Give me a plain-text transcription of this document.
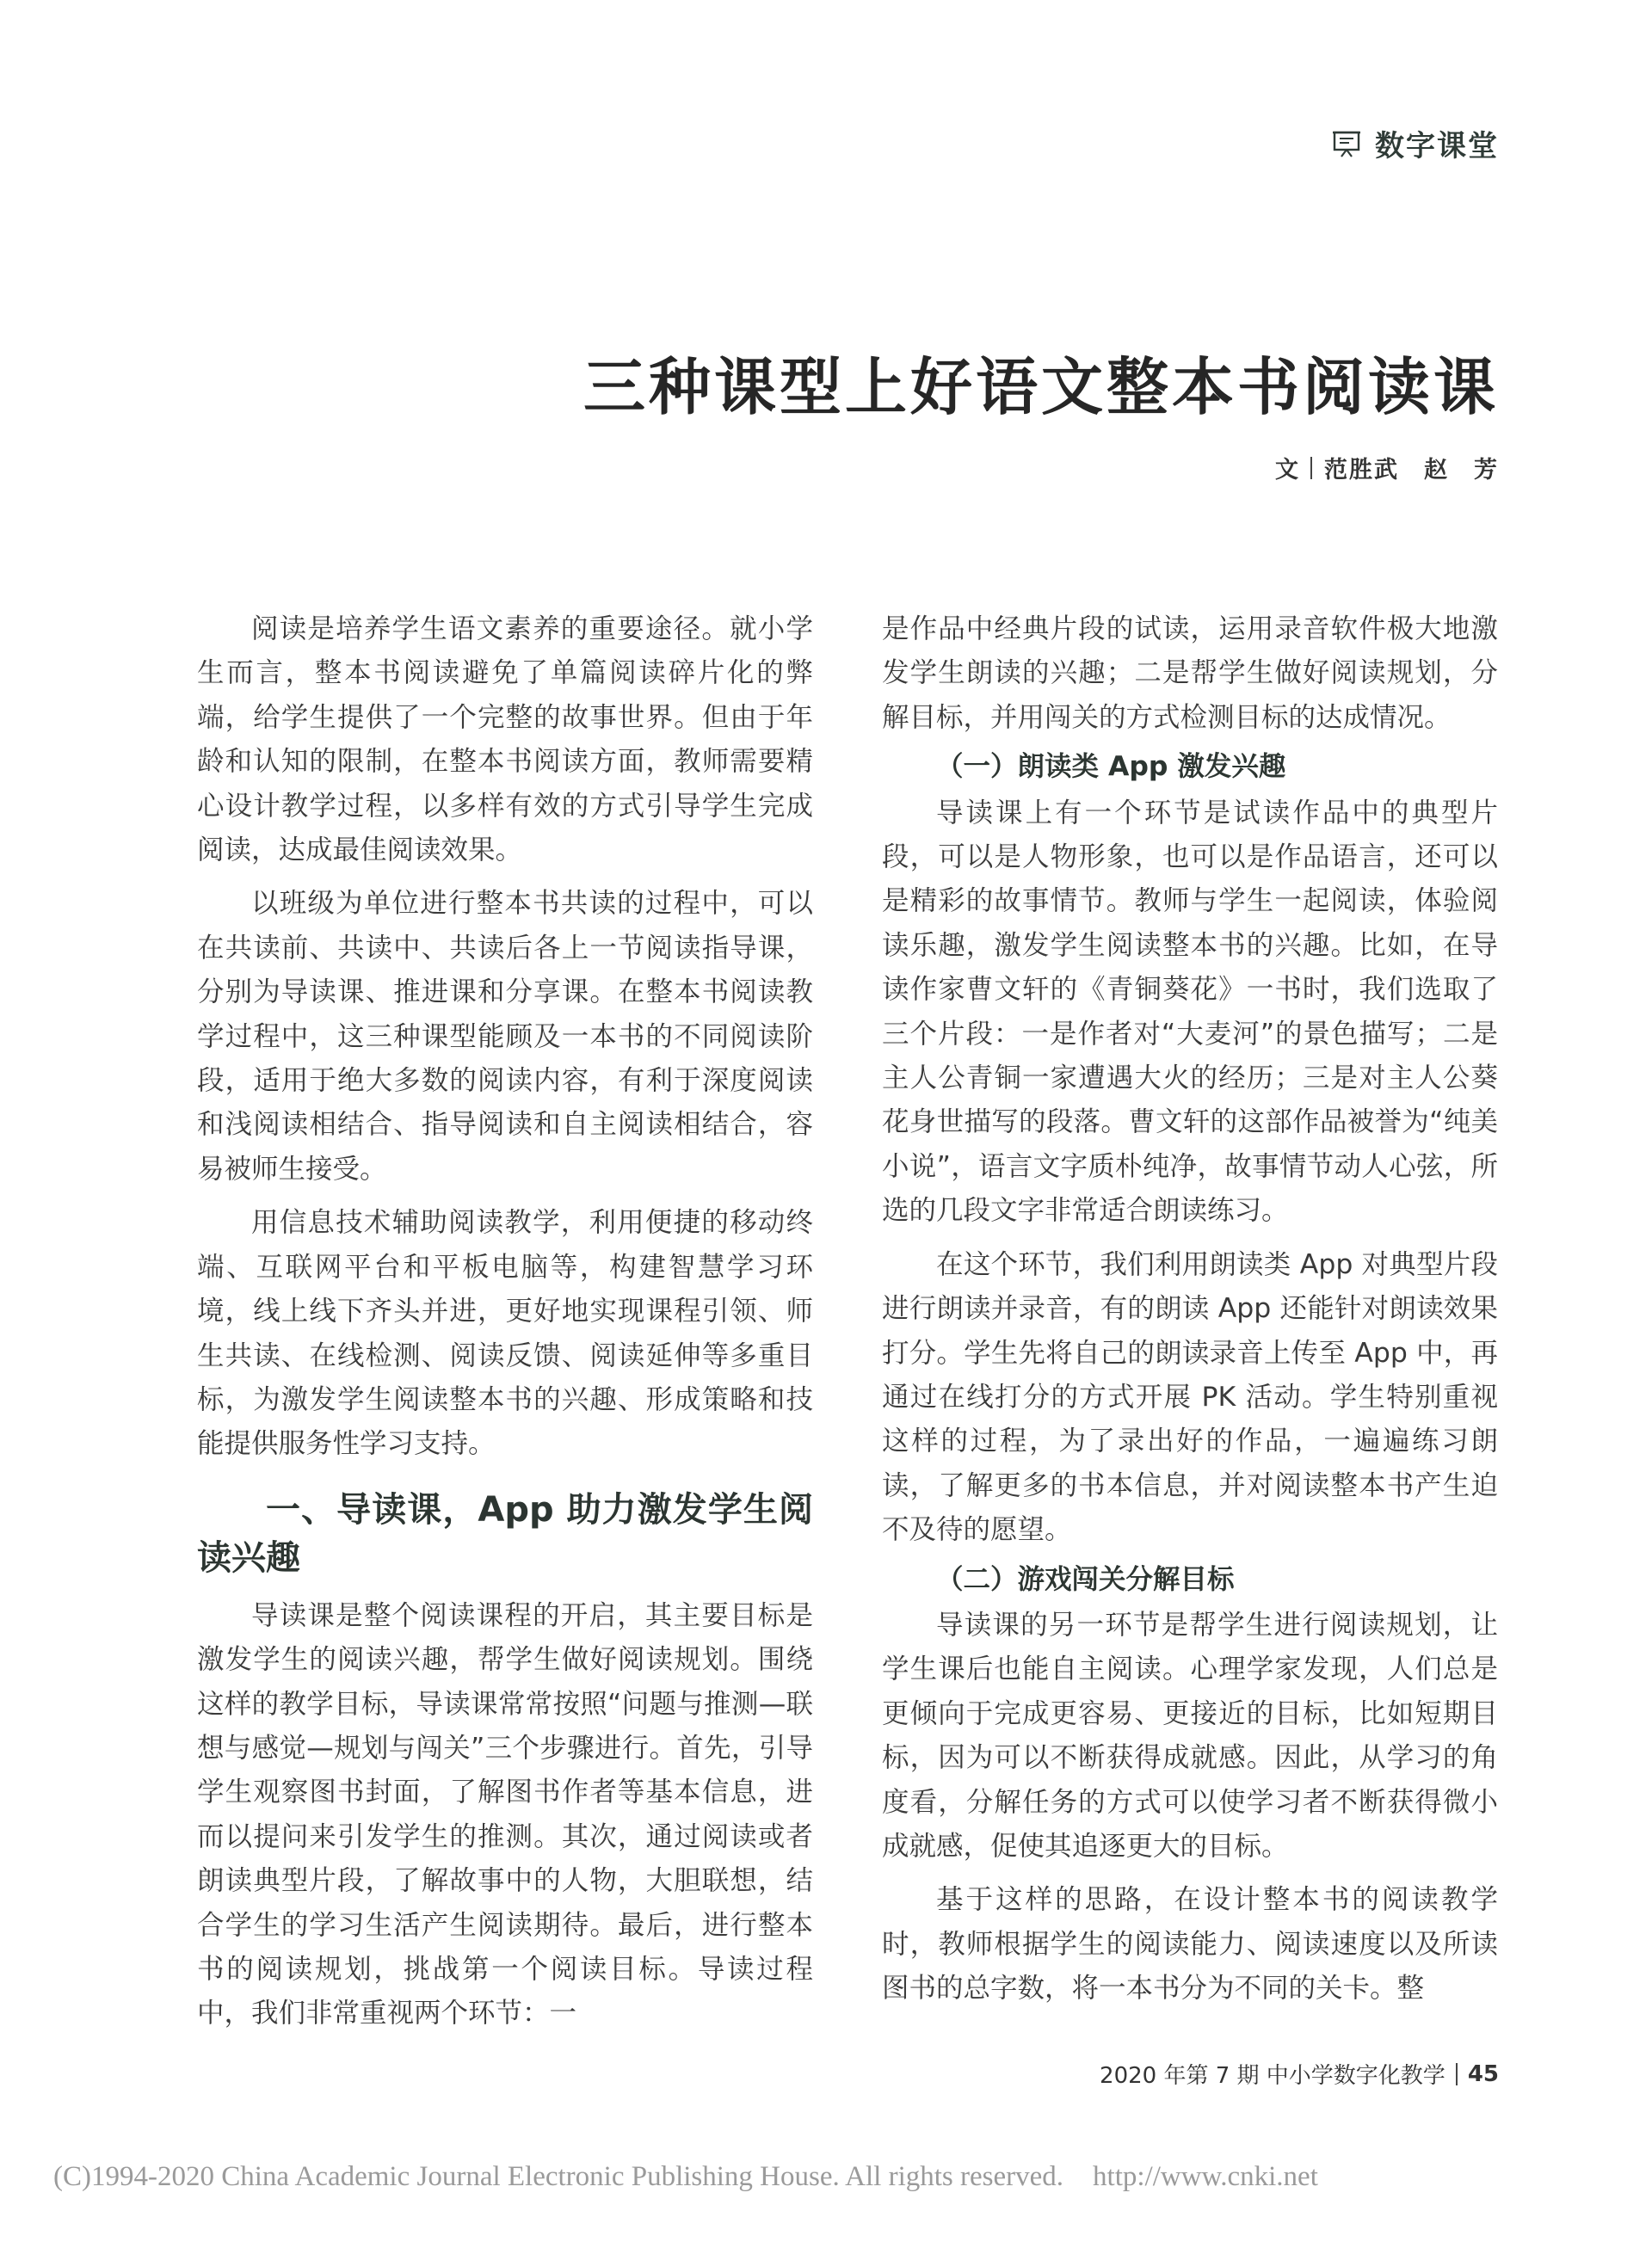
数字课堂
三种课型上好语文整本书阅读课
文 范胜武　赵　芳

阅读是培养学生语文素养的重要途径。就小学生而言，整本书阅读避免了单篇阅读碎片化的弊端，给学生提供了一个完整的故事世界。但由于年龄和认知的限制，在整本书阅读方面，教师需要精心设计教学过程，以多样有效的方式引导学生完成阅读，达成最佳阅读效果。

以班级为单位进行整本书共读的过程中，可以在共读前、共读中、共读后各上一节阅读指导课，分别为导读课、推进课和分享课。在整本书阅读教学过程中，这三种课型能顾及一本书的不同阅读阶段，适用于绝大多数的阅读内容，有利于深度阅读和浅阅读相结合、指导阅读和自主阅读相结合，容易被师生接受。

用信息技术辅助阅读教学，利用便捷的移动终端、互联网平台和平板电脑等，构建智慧学习环境，线上线下齐头并进，更好地实现课程引领、师生共读、在线检测、阅读反馈、阅读延伸等多重目标，为激发学生阅读整本书的兴趣、形成策略和技能提供服务性学习支持。

一、导读课，App 助力激发学生阅读兴趣

导读课是整个阅读课程的开启，其主要目标是激发学生的阅读兴趣，帮学生做好阅读规划。围绕这样的教学目标，导读课常常按照“问题与推测—联想与感觉—规划与闯关”三个步骤进行。首先，引导学生观察图书封面，了解图书作者等基本信息，进而以提问来引发学生的推测。其次，通过阅读或者朗读典型片段，了解故事中的人物，大胆联想，结合学生的学习生活产生阅读期待。最后，进行整本书的阅读规划，挑战第一个阅读目标。导读过程中，我们非常重视两个环节：一

是作品中经典片段的试读，运用录音软件极大地激发学生朗读的兴趣；二是帮学生做好阅读规划，分解目标，并用闯关的方式检测目标的达成情况。

（一）朗读类 App 激发兴趣

导读课上有一个环节是试读作品中的典型片段，可以是人物形象，也可以是作品语言，还可以是精彩的故事情节。教师与学生一起阅读，体验阅读乐趣，激发学生阅读整本书的兴趣。比如，在导读作家曹文轩的《青铜葵花》一书时，我们选取了三个片段：一是作者对“大麦河”的景色描写；二是主人公青铜一家遭遇大火的经历；三是对主人公葵花身世描写的段落。曹文轩的这部作品被誉为“纯美小说”，语言文字质朴纯净，故事情节动人心弦，所选的几段文字非常适合朗读练习。

在这个环节，我们利用朗读类 App 对典型片段进行朗读并录音，有的朗读 App 还能针对朗读效果打分。学生先将自己的朗读录音上传至 App 中，再通过在线打分的方式开展 PK 活动。学生特别重视这样的过程，为了录出好的作品，一遍遍练习朗读，了解更多的书本信息，并对阅读整本书产生迫不及待的愿望。

（二）游戏闯关分解目标

导读课的另一环节是帮学生进行阅读规划，让学生课后也能自主阅读。心理学家发现，人们总是更倾向于完成更容易、更接近的目标，比如短期目标，因为可以不断获得成就感。因此，从学习的角度看，分解任务的方式可以使学习者不断获得微小成就感，促使其追逐更大的目标。

基于这样的思路，在设计整本书的阅读教学时，教师根据学生的阅读能力、阅读速度以及所读图书的总字数，将一本书分为不同的关卡。整

2020 年第 7 期 中小学数字化教学 45
(C)1994-2020 China Academic Journal Electronic Publishing House. All rights reserved. http://www.cnki.net
